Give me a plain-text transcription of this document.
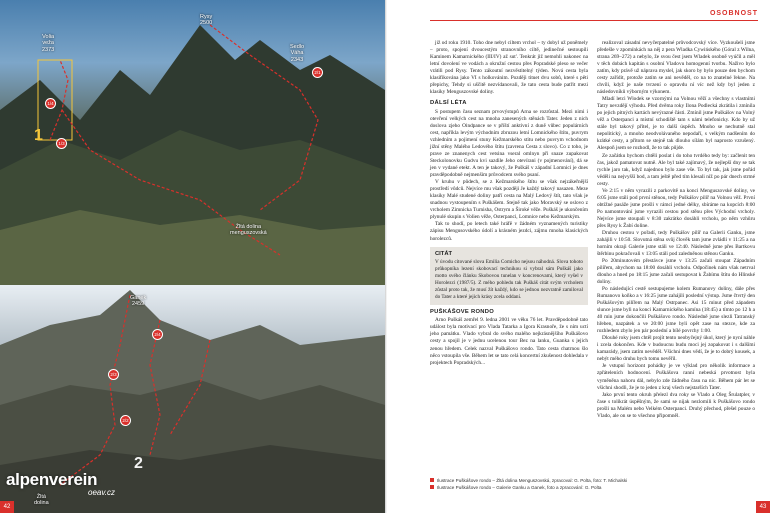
Volia
veža
2373
Rysy
2500
Sedlo
Váha
2343
Žltá dolina
menguszovská
2/1
1/4
1/3
1
Ganek
2459
Žltá
dolina
2/4
2/3
2/2
2
alpenverein
oeav.cz
42
OSOBNOST

již od roku 1910. Toho dne nebyl ciltem vrchol – ty dobyl už poněmely – proto, spojení dvoucestým stranovního ciltě, jedinečné sestoupili Kaminem Kamarnického (III/IV) až sut'. Tenkrát již nemohli nakonec na letní dovolení ve vodách a okružní cestou přes Popradské pleso se večer vrátili pod Rysy. Tento zákoutní nezvěstitelný týden. Nová cesta byla klasifikována jako VI s holkovánim. Později tituet dvu sobů, které s pěti přepichy, Tehdy si uščitě nezvídanovali, že tato cesta bude patřit mezi klasiky Menguszovské doliny.

DÁLSÍ LÉTA

S postupem času seznam prvovýstupů Arna se rozrůstal. Mezi nimi i otevření velkých cest na mnoha zanesených stěnách Tater. Jeden z nich doslova zjeho Oindpance se v příští anktivní z duně vůbec populárních cest, napříkla levým východním zbruzou letní Lomnického štítu, puvrym vzhledním a pojimení stuny Kežmarského stitu nebo puvrym vchodnom jižní stěny Malého Ledového štítu (zavrena Cesta z slovo). Co z toho, je prave ze znanenych cest vetsina vseral omlnyn při snaze zupakovat Steckolonovku Gudvu kvi sazdile Jeho otevírani (v pojmenování), dá se jen v vydané etekt. A ten je takový, že Puškáš v západní Lomnici je dnes pravděpodobně nejmenšim průvodcem svého psaní.

V kruhu v půdech, se z Kežmarského štítu se však nejzákeřnější prostředí vůdců. Nejvíce mu však později Je každý takový nasazen. Meze klasiky Malé studené doliny patří cesta na Malý Ledový štít, tato však je snadnou vystoupením s Puškášem. Stejně tak jako Moravský se oslovo z vrcholem Zimnicka Turnisha, Ostrym a Široké věže. Puškáš je ukončením plynulé skupin s Volien věže, Osterpanci, Lomnice nebo Kežmarským.

Tak to shodí, po letech také hráfě v žádném vyznamených turistiky zápisu Mengusovského údolí a krásném jezdci, zájmu mnoha klasických horolezců.

CITÁT

V úvodu citované slova Emilia Comicho nejsou náhodná. Slova tohoto průkopníka lezení skobovací technikou si vybral sám Puškáš jako motto svého článku Skobovou tunelan v koncrenovami, který vyšel v Horolezci (1987/5). Z mého pohledu tak Puškáš citát svým vrcholem zůstal proto tak, že musí žít každý, kdo se jednou nezvratně zamiloval do Tater a které jejich krásy zcela oddaní.

PUŠKÁŠOVE RONDO

Arno Puškáš zemřel 9. ledna 2001 ve věku 76 let. Pravděpodobně tato událost byla motivací pro Vlada Tatarka a Igora Krasnoře, že s ním uctí jeho památku. Vlado vybral do svého malého nejkrásnějšího Puškášovo cesty a spojil je v jednu ucelenou tour Bez na lanku, Guanka s jejich zenou hředem. Celek nazval Puškášovo rondo. Tato cesta chatrnou šlo něco vstoupila vše. Během let se tato celá koncertní zkušenost dohledala v projektech Popradských...

realizoval zásadní nevyčerpatelné průvodcovský více. Vyzkoušeli jsme předešle v zpomínkách na něj z pera Wladka Cywińského (Góral z Wilna, strana 269–272) a nebylo, že svou čest jsem Wladek osobně vyúčil a měl v těch dobách kapitán s osobní Vladovu homogenní tvorbu. Naživo bylo zatím, kdy právě už náprava myslel, jak skoro by bylo pouze den bychom cesty zařídit, protože zatím se ani nevěděl, co na to znatelné řekne. Na chvíli, když je naše tvrzení o opravdu ní víc než kdy byl jeden z následovníků výborným výkonem.

Mladí letci Wlodek se vzornými na Volnou věží a všechny s vlastními Tatry nevzdějí výhodu. Před dvěma roky Ilona Podlecká zkrátila i zmínila po jejich pitných kartách nevýrazné části. Zmínil jsme Puškášov na Volný věž a Osterpanci a místní schodiště tam s námi telefonicky. Kdo by už stále byl takový přítel, je to další úspěch. Mnoho se nechutně stal nepolitický, a mnoho neodvolávaného nepodaří, s velkým nadšením do krátké cesty, a přitom se stejně tak dlouho sílám byl naprosto vzrušený. Alespoň jsem se rozhodl, že to tak půjde.

Ze začátku bychom chtěli poslat i do toho tvrdého tedy by: začlenit ten čas, jakož pamatovat nutně. Ale byl také zajímavý, že nejlepší dny se tak rychle jaro tak, když najednou bylo zase vše. To byl tak, jak jsme pořád věděli na nejvyšší bod, a tam ještě před tím klesali níž po pár dnech strmé cesty.

Ve 2:15 v něm vyrazili z parkovitě na konci Menguszovské doliny, ve 6:05 jsme stáli pod první stěnou, tedy Puškášov pilíř na Volnou věž. První obtížné pasáže jsme prošli v rámci jedné délky, sbíráme na kopcích 8:00 Po namontování jsme vyrazili cestou pod stěnu přes Východní vrcholy. Nejvíce jsme stoupali v 8:30 zakrátko dosáhli vrcholu, po něm vzhůru přes Rysy k Žabí doline.

Druhou cestou v pořadí, tedy Puškášov pilíř na Galerii Ganku, jsme zahájili v 10:50. Slovutná stěna svůj člověk tam jsme zvládli v 11:25 a na horním okraji Galerie jsme stáli ve 12:40. Následně jsme přes Bartkovu štěrbinu pokračovali v 13:05 stáli pod zaledněnou stěnou Ganku.

Po 20minutovém přestávce jsme v 13:25 začali stoupat Západním pilířem, abychom na 18:00 dosáhli vrcholu. Odpočinek nám však netrval dlouho a hned po 18:15 jsme začali sestupovat k Žabímu štítu do Hlinské doliny.

Po následující cestě sestupujeme kolem Rumanovy doliny, dále přes Rumanovo koňko a v 16:25 jsme zahájili poslední výstup. Jsme čtvrtý den Puškášovým pilířem na Malý Ostrpanec. Asi 15 minut před západem slunce jsme byli na konci Kamarnického kamína (18:45) a tímto po 12 h a 40 min jsme dokončili Puškášovo rondo. Následně jsme slezli Tatranský hřeben, nazpátek a ve 20:00 jsme byli opět zase na stezce, kde za rozhledem zbylo jen pár poslední a bílé povrchy 1:00.

Dlouhé roky jsem chtěl projít tento neobyčejný úkol, který je nyní náhle i zcela dokončen. Kde v budoucnu budu moci jej zopakovat i s dalšími kamarády, jsem zatím nevěděl. Všichni dnes vědí, že je to dobrý kousek, a nebýt mého druhu bych tomu nevěřil.

Je vstupní horizont pohádky je ve výklad pro několik informace a zpřáteleních hodnocení. Puškášova ranní nebeská prvotnost byla vyměněna nahoru dál, nebylo zde žádného času na nic. Během pár let se všichni shodli, že je to jeden z kraj všech nejstarších Tater.

Jako první tento okruh přelezl dva roky se Vlado a Oleg Šrulatpler, v čase s tolikrát úspěšným, že sami se nijak nezlomili k Puškášovo rondo prošli na Malém nebo Velkém Osterpanci. Druhý přechod, přešel pouze o Vlado, ale on se to všechno připomněl.

Ilustrace Puškášove rondo – Žltá dolina Menguszovská, zpracoval: G. Polta, foto: T. Michalski
Ilustrace Puškášove rondo – Galerie Ganku a Ganek, foto a zpracování: G. Polta
43
